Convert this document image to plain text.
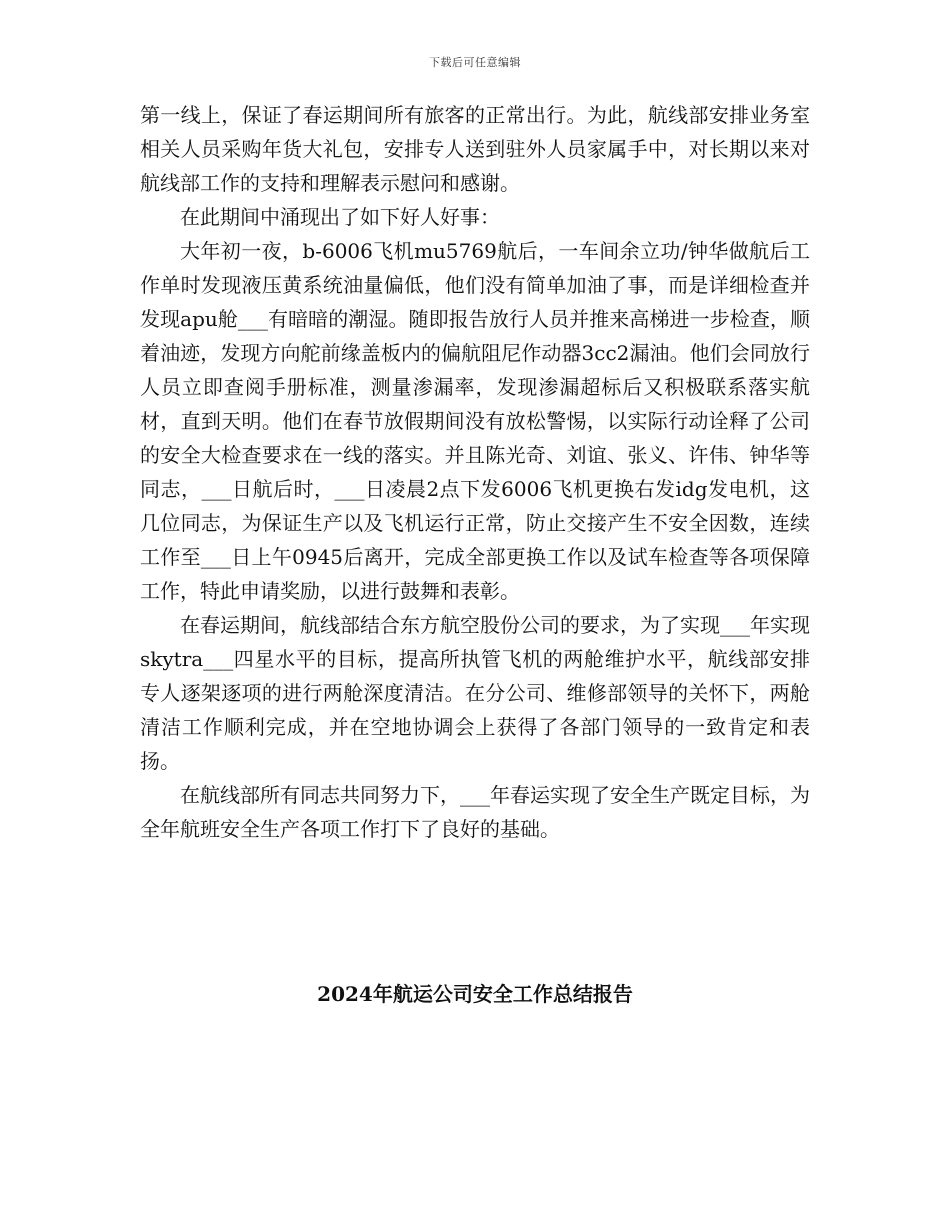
下载后可任意编辑

第一线上，保证了春运期间所有旅客的正常出行。为此，航线部安排业务室相关人员采购年货大礼包，安排专人送到驻外人员家属手中，对长期以来对航线部工作的支持和理解表示慰问和感谢。

在此期间中涌现出了如下好人好事：

大年初一夜，b-6006飞机mu5769航后，一车间余立功/钟华做航后工作单时发现液压黄系统油量偏低，他们没有简单加油了事，而是详细检查并发现apu舱___有暗暗的潮湿。随即报告放行人员并推来高梯进一步检查，顺着油迹，发现方向舵前缘盖板内的偏航阻尼作动器3cc2漏油。他们会同放行人员立即查阅手册标准，测量渗漏率，发现渗漏超标后又积极联系落实航材，直到天明。他们在春节放假期间没有放松警惕，以实际行动诠释了公司的安全大检查要求在一线的落实。并且陈光奇、刘谊、张义、许伟、钟华等同志，___日航后时，___日凌晨2点下发6006飞机更换右发idg发电机，这几位同志，为保证生产以及飞机运行正常，防止交接产生不安全因数，连续工作至___日上午0945后离开，完成全部更换工作以及试车检查等各项保障工作，特此申请奖励，以进行鼓舞和表彰。

在春运期间，航线部结合东方航空股份公司的要求，为了实现___年实现skytra___四星水平的目标，提高所执管飞机的两舱维护水平，航线部安排专人逐架逐项的进行两舱深度清洁。在分公司、维修部领导的关怀下，两舱清洁工作顺利完成，并在空地协调会上获得了各部门领导的一致肯定和表扬。

在航线部所有同志共同努力下，___年春运实现了安全生产既定目标，为全年航班安全生产各项工作打下了良好的基础。

2024年航运公司安全工作总结报告
